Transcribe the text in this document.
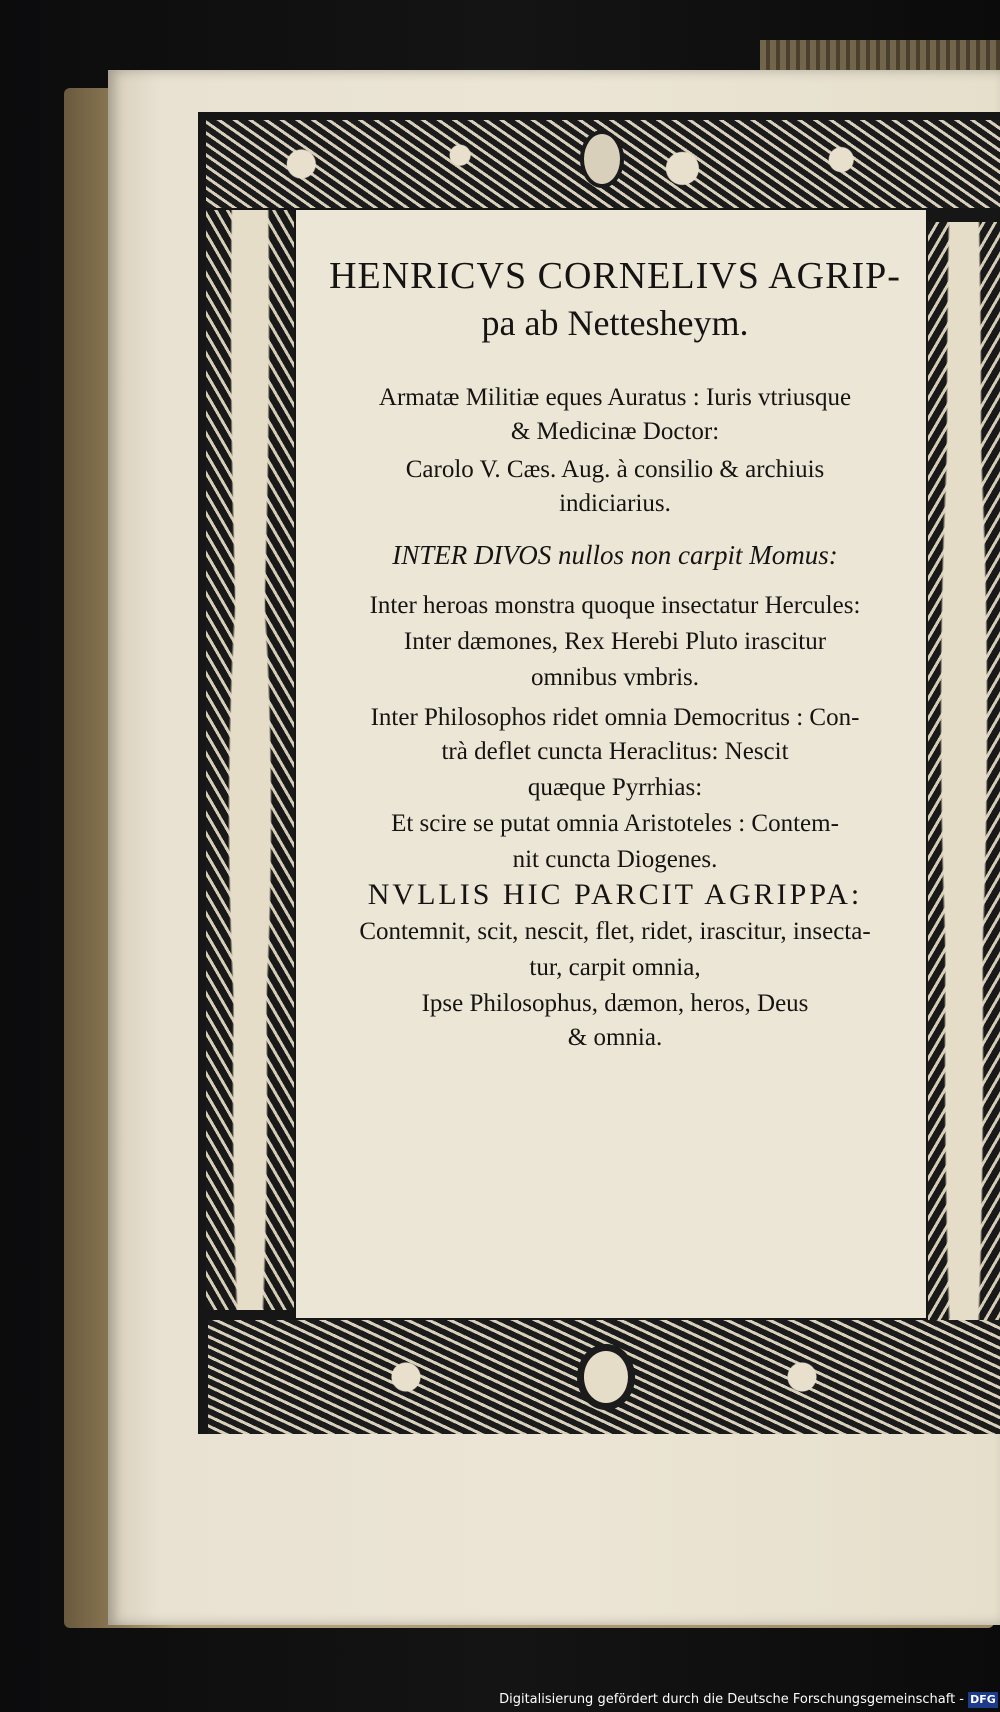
HENRICVS CORNELIVS AGRIP-
pa ab Nettesheym.
Armatæ Militiæ eques Auratus : Iuris vtriusque
& Medicinæ Doctor:
Carolo V. Cæs. Aug. à consilio & archiuis
indiciarius.
INTER DIVOS nullos non carpit Momus:
Inter heroas monstra quoque insectatur Hercules:
Inter dæmones, Rex Herebi Pluto irascitur
omnibus vmbris.
Inter Philosophos ridet omnia Democritus : Con-
trà deflet cuncta Heraclitus: Nescit
quæque Pyrrhias:
Et scire se putat omnia Aristoteles : Contem-
nit cuncta Diogenes.
NVLLIS HIC PARCIT AGRIPPA:
Contemnit, scit, nescit, flet, ridet, irascitur, insecta-
tur, carpit omnia,
Ipse Philosophus, dæmon, heros, Deus
& omnia.
Digitalisierung gefördert durch die Deutsche Forschungsgemeinschaft - DFG
